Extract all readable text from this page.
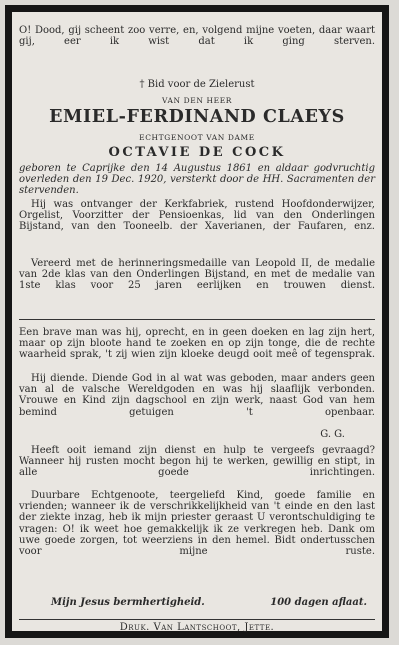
O! Dood, gij scheent zoo verre, en, volgend mijne voeten, daar waart gij, eer ik wist dat ik ging sterven.

† Bid voor de Zielerust

VAN DEN HEER

EMIEL-FERDINAND CLAEYS

ECHTGENOOT VAN DAME

OCTAVIE DE COCK

geboren te Caprijke den 14 Augustus 1861 en aldaar godvruchtig overleden den 19 Dec. 1920, versterkt door de HH. Sacramenten der stervenden.

Hij was ontvanger der Kerkfabriek, rustend Hoofdonderwijzer, Orgelist, Voorzitter der Pensioenkas, lid van den Onderlingen Bijstand, van den Tooneelb. der Xaverianen, der Faufaren, enz.

Vereerd met de herinneringsmedaille van Leopold II, de medalie van 2de klas van den Onderlingen Bijstand, en met de medalie van 1ste klas voor 25 jaren eerlijken en trouwen dienst.

Een brave man was hij, oprecht, en in geen doeken en lag zijn hert, maar op zijn bloote hand te zoeken en op zijn tonge, die de rechte waarheid sprak, 't zij wien zijn kloeke deugd ooit meê of tegensprak.

Hij diende. Diende God in al wat was geboden, maar anders geen van al de valsche Wereldgoden en was hij slaaflijk verbonden. Vrouwe en Kind zijn dagschool en zijn werk, naast God van hem bemind getuigen 't openbaar.

G. G.

Heeft ooit iemand zijn dienst en hulp te vergeefs gevraagd? Wanneer hij rusten mocht begon hij te werken, gewillig en stipt, in alle goede inrichtingen.

Duurbare Echtgenoote, teergeliefd Kind, goede familie en vrienden; wanneer ik de verschrikkelijkheid van 't einde en den last der ziekte inzag, heb ik mijn priester geraast U verontschuldiging te vragen: O! ik weet hoe gemakkelijk ik ze verkregen heb. Dank om uwe goede zorgen, tot weerziens in den hemel. Bidt ondertusschen voor mijne ruste.

Mijn Jesus bermhertigheid.	100 dagen aflaat.

Druk. Van Lantschoot, Jette.
